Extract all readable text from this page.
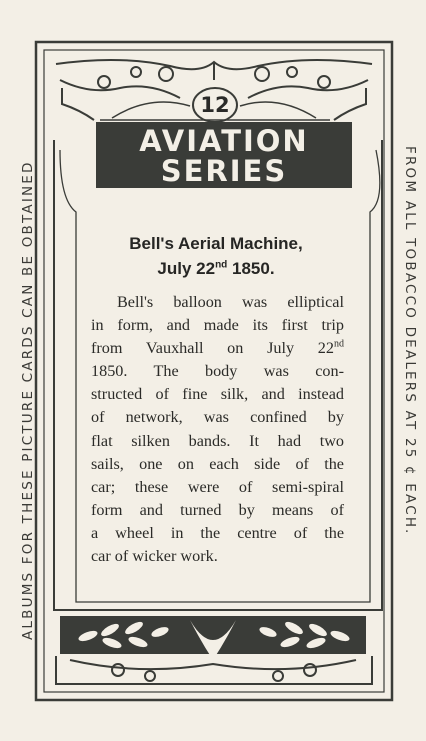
ALBUMS FOR THESE PICTURE CARDS CAN BE OBTAINED	FROM ALL TOBACCO DEALERS AT 25 ¢ EACH.
12
AVIATION
SERIES
Bell's Aerial Machine,
July 22nd 1850.
Bell's balloon was elliptical
in form, and made its first trip
from Vauxhall on July 22nd
1850. The body was con-
structed of fine silk, and instead
of network, was confined by
flat silken bands. It had two
sails, one on each side of the
car; these were of semi-spiral
form and turned by means of
a wheel in the centre of the
car of wicker work.
